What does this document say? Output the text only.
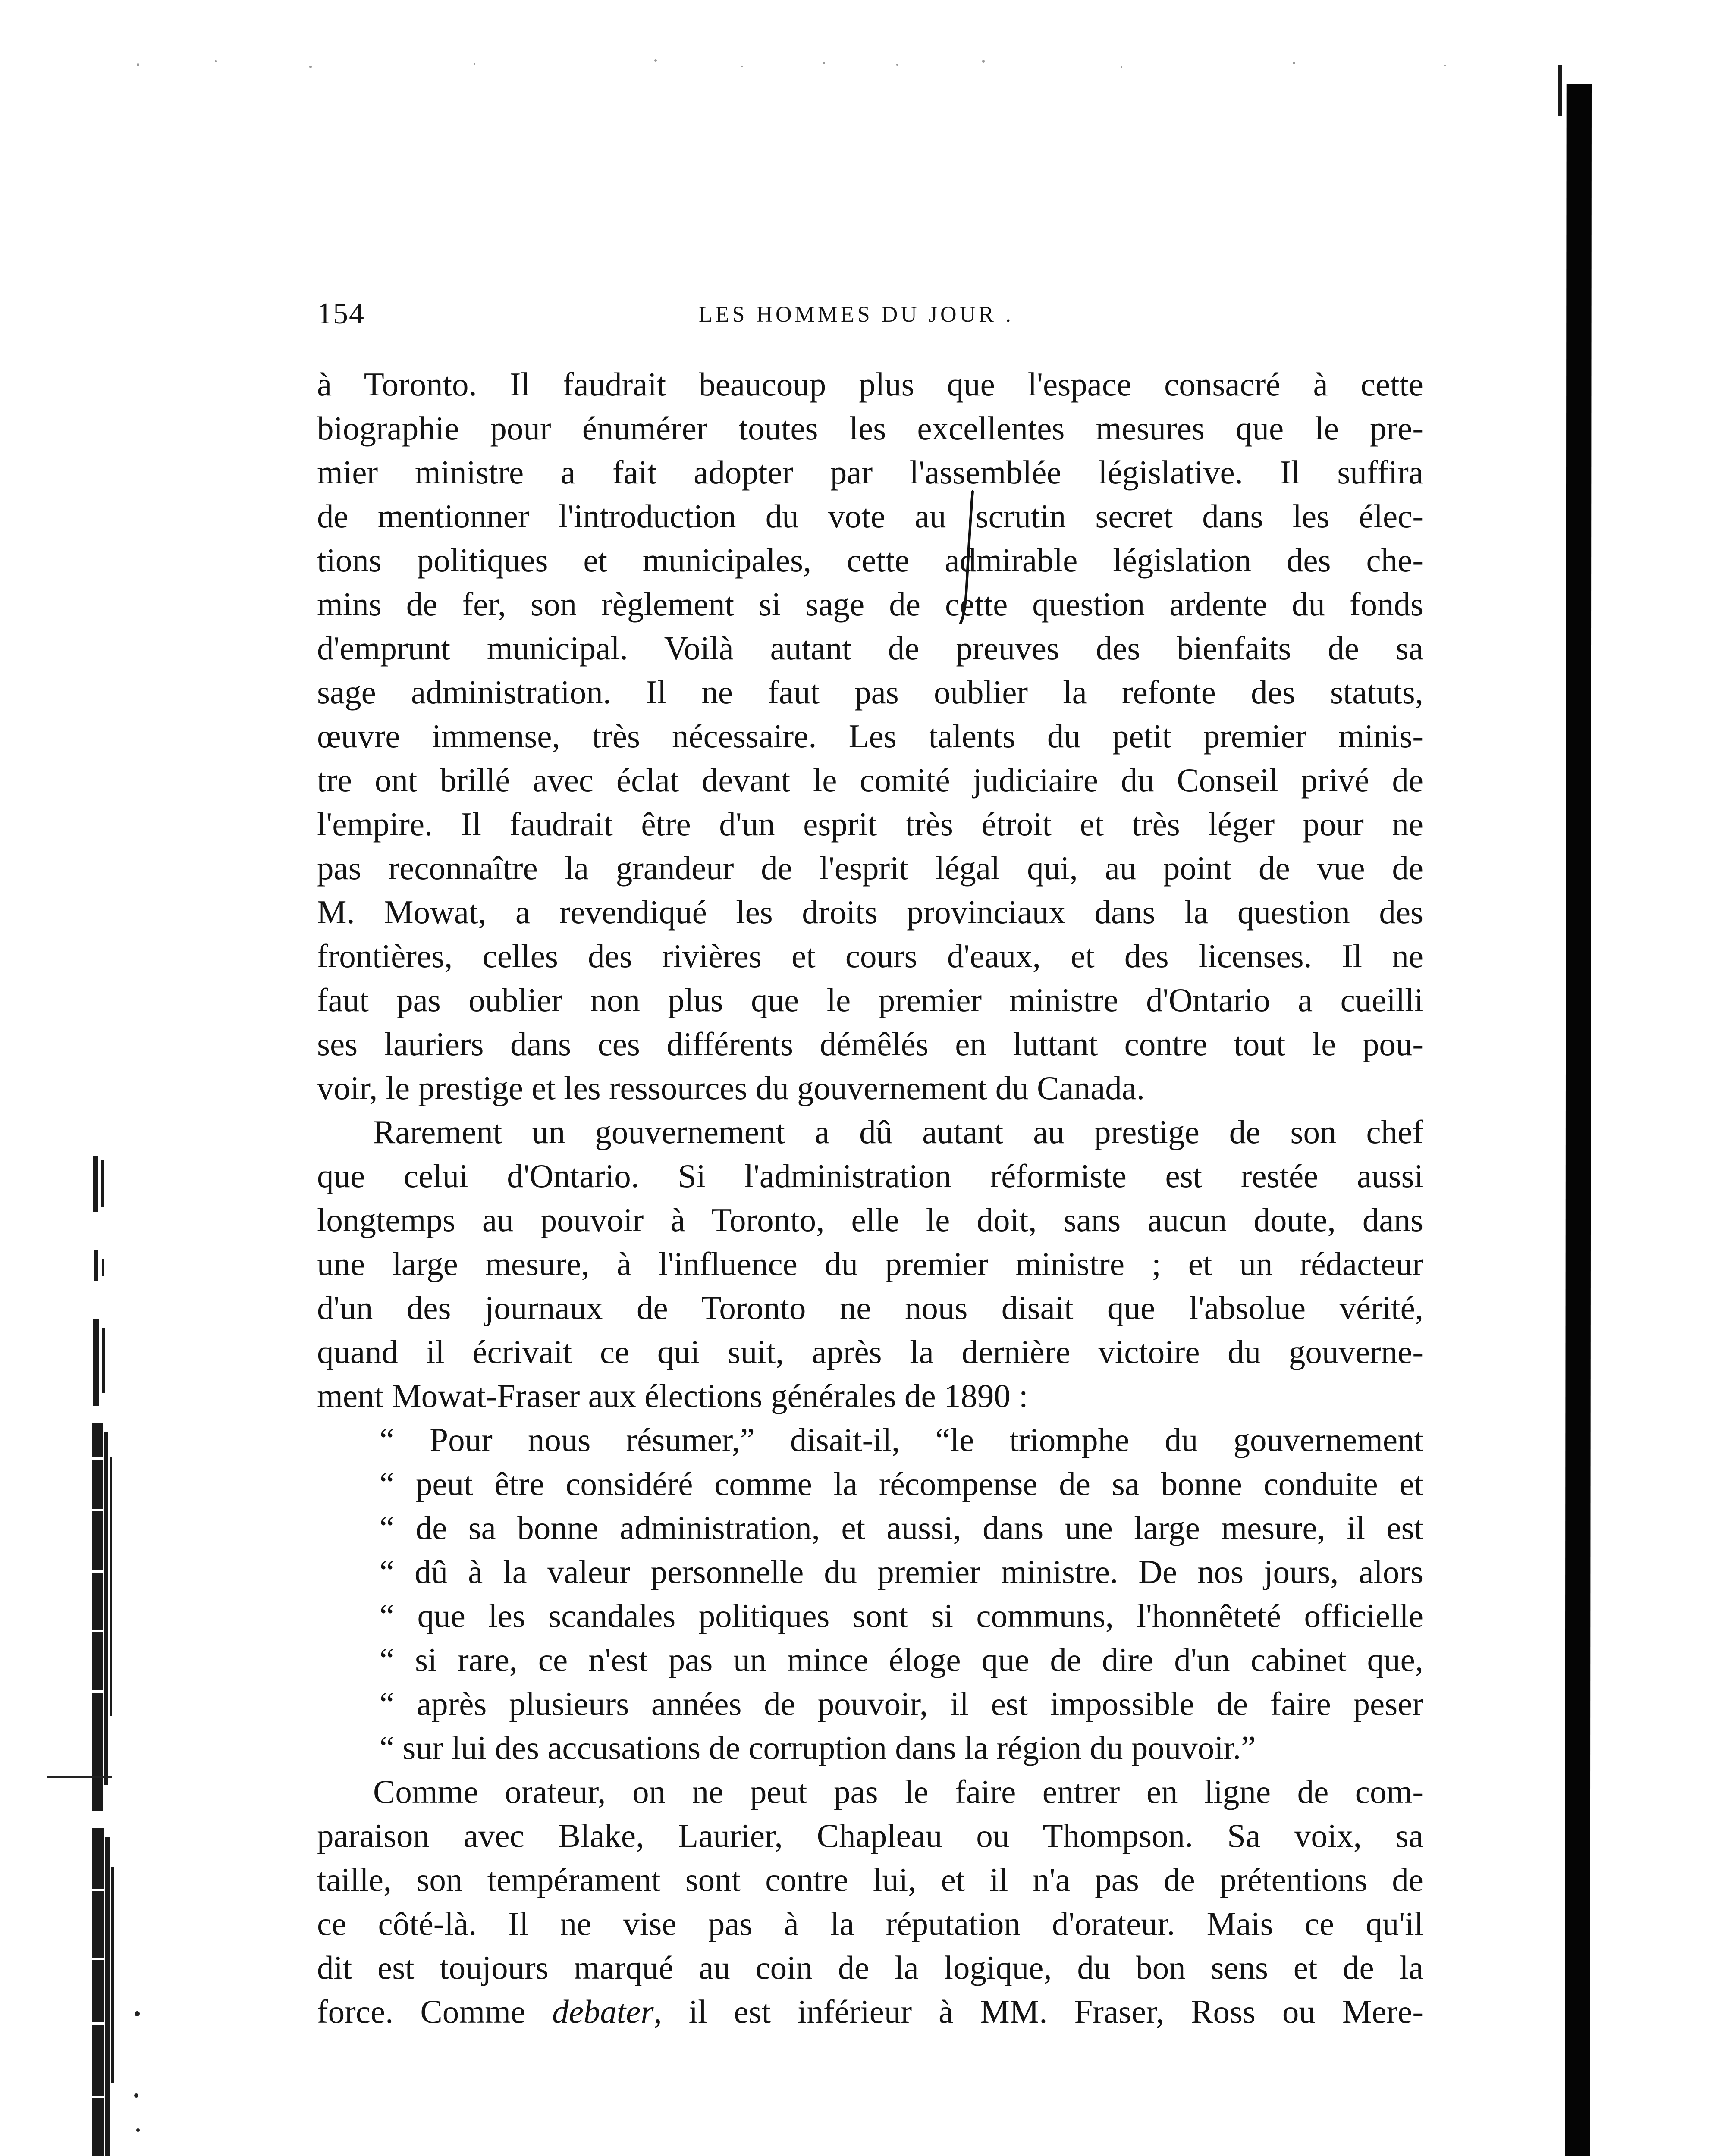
154	LES HOMMES DU JOUR .
à Toronto. Il faudrait beaucoup plus que l'espace consacré à cette
biographie pour énumérer toutes les excellentes mesures que le pre-
mier ministre a fait adopter par l'assemblée législative. Il suffira
de mentionner l'introduction du vote au scrutin secret dans les élec-
tions politiques et municipales, cette admirable législation des che-
mins de fer, son règlement si sage de cette question ardente du fonds
d'emprunt municipal. Voilà autant de preuves des bienfaits de sa
sage administration. Il ne faut pas oublier la refonte des statuts,
œuvre immense, très nécessaire. Les talents du petit premier minis-
tre ont brillé avec éclat devant le comité judiciaire du Conseil privé de
l'empire. Il faudrait être d'un esprit très étroit et très léger pour ne
pas reconnaître la grandeur de l'esprit légal qui, au point de vue de
M. Mowat, a revendiqué les droits provinciaux dans la question des
frontières, celles des rivières et cours d'eaux, et des licenses. Il ne
faut pas oublier non plus que le premier ministre d'Ontario a cueilli
ses lauriers dans ces différents démêlés en luttant contre tout le pou-
voir, le prestige et les ressources du gouvernement du Canada.
Rarement un gouvernement a dû autant au prestige de son chef
que celui d'Ontario. Si l'administration réformiste est restée aussi
longtemps au pouvoir à Toronto, elle le doit, sans aucun doute, dans
une large mesure, à l'influence du premier ministre ; et un rédacteur
d'un des journaux de Toronto ne nous disait que l'absolue vérité,
quand il écrivait ce qui suit, après la dernière victoire du gouverne-
ment Mowat-Fraser aux élections générales de 1890 :
“ Pour nous résumer,” disait-il, “le triomphe du gouvernement
“ peut être considéré comme la récompense de sa bonne conduite et
“ de sa bonne administration, et aussi, dans une large mesure, il est
“ dû à la valeur personnelle du premier ministre. De nos jours, alors
“ que les scandales politiques sont si communs, l'honnêteté officielle
“ si rare, ce n'est pas un mince éloge que de dire d'un cabinet que,
“ après plusieurs années de pouvoir, il est impossible de faire peser
“ sur lui des accusations de corruption dans la région du pouvoir.”
Comme orateur, on ne peut pas le faire entrer en ligne de com-
paraison avec Blake, Laurier, Chapleau ou Thompson. Sa voix, sa
taille, son tempérament sont contre lui, et il n'a pas de prétentions de
ce côté-là. Il ne vise pas à la réputation d'orateur. Mais ce qu'il
dit est toujours marqué au coin de la logique, du bon sens et de la
force. Comme debater, il est inférieur à MM. Fraser, Ross ou Mere-
